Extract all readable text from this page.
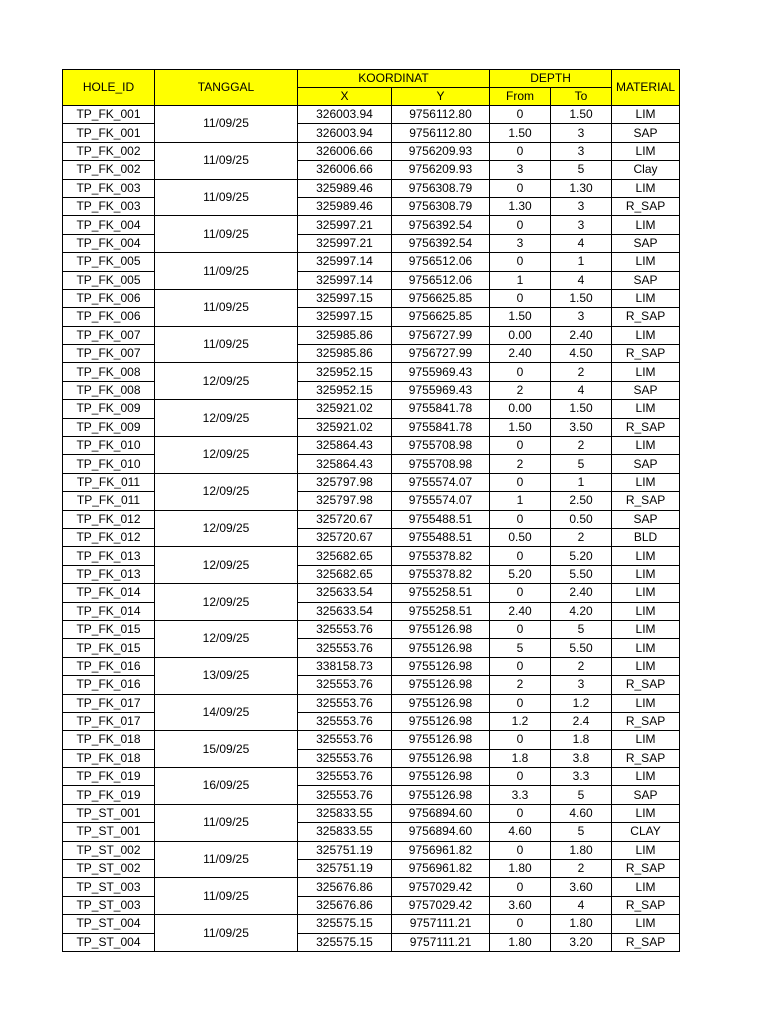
HOLE_ID	TANGGAL	KOORDINAT		DEPTH		MATERIAL
		X	Y	From	To	
TP_FK_001	11/09/25	326003.94	9756112.80	0	1.50	LIM
TP_FK_001		326003.94	9756112.80	1.50	3	SAP
TP_FK_002	11/09/25	326006.66	9756209.93	0	3	LIM
TP_FK_002		326006.66	9756209.93	3	5	Clay
TP_FK_003	11/09/25	325989.46	9756308.79	0	1.30	LIM
TP_FK_003		325989.46	9756308.79	1.30	3	R_SAP
TP_FK_004	11/09/25	325997.21	9756392.54	0	3	LIM
TP_FK_004		325997.21	9756392.54	3	4	SAP
TP_FK_005	11/09/25	325997.14	9756512.06	0	1	LIM
TP_FK_005		325997.14	9756512.06	1	4	SAP
TP_FK_006	11/09/25	325997.15	9756625.85	0	1.50	LIM
TP_FK_006		325997.15	9756625.85	1.50	3	R_SAP
TP_FK_007	11/09/25	325985.86	9756727.99	0.00	2.40	LIM
TP_FK_007		325985.86	9756727.99	2.40	4.50	R_SAP
TP_FK_008	12/09/25	325952.15	9755969.43	0	2	LIM
TP_FK_008		325952.15	9755969.43	2	4	SAP
TP_FK_009	12/09/25	325921.02	9755841.78	0.00	1.50	LIM
TP_FK_009		325921.02	9755841.78	1.50	3.50	R_SAP
TP_FK_010	12/09/25	325864.43	9755708.98	0	2	LIM
TP_FK_010		325864.43	9755708.98	2	5	SAP
TP_FK_011	12/09/25	325797.98	9755574.07	0	1	LIM
TP_FK_011		325797.98	9755574.07	1	2.50	R_SAP
TP_FK_012	12/09/25	325720.67	9755488.51	0	0.50	SAP
TP_FK_012		325720.67	9755488.51	0.50	2	BLD
TP_FK_013	12/09/25	325682.65	9755378.82	0	5.20	LIM
TP_FK_013		325682.65	9755378.82	5.20	5.50	LIM
TP_FK_014	12/09/25	325633.54	9755258.51	0	2.40	LIM
TP_FK_014		325633.54	9755258.51	2.40	4.20	LIM
TP_FK_015	12/09/25	325553.76	9755126.98	0	5	LIM
TP_FK_015		325553.76	9755126.98	5	5.50	LIM
TP_FK_016	13/09/25	338158.73	9755126.98	0	2	LIM
TP_FK_016		325553.76	9755126.98	2	3	R_SAP
TP_FK_017	14/09/25	325553.76	9755126.98	0	1.2	LIM
TP_FK_017		325553.76	9755126.98	1.2	2.4	R_SAP
TP_FK_018	15/09/25	325553.76	9755126.98	0	1.8	LIM
TP_FK_018		325553.76	9755126.98	1.8	3.8	R_SAP
TP_FK_019	16/09/25	325553.76	9755126.98	0	3.3	LIM
TP_FK_019		325553.76	9755126.98	3.3	5	SAP
TP_ST_001	11/09/25	325833.55	9756894.60	0	4.60	LIM
TP_ST_001		325833.55	9756894.60	4.60	5	CLAY
TP_ST_002	11/09/25	325751.19	9756961.82	0	1.80	LIM
TP_ST_002		325751.19	9756961.82	1.80	2	R_SAP
TP_ST_003	11/09/25	325676.86	9757029.42	0	3.60	LIM
TP_ST_003		325676.86	9757029.42	3.60	4	R_SAP
TP_ST_004	11/09/25	325575.15	9757111.21	0	1.80	LIM
TP_ST_004		325575.15	9757111.21	1.80	3.20	R_SAP
